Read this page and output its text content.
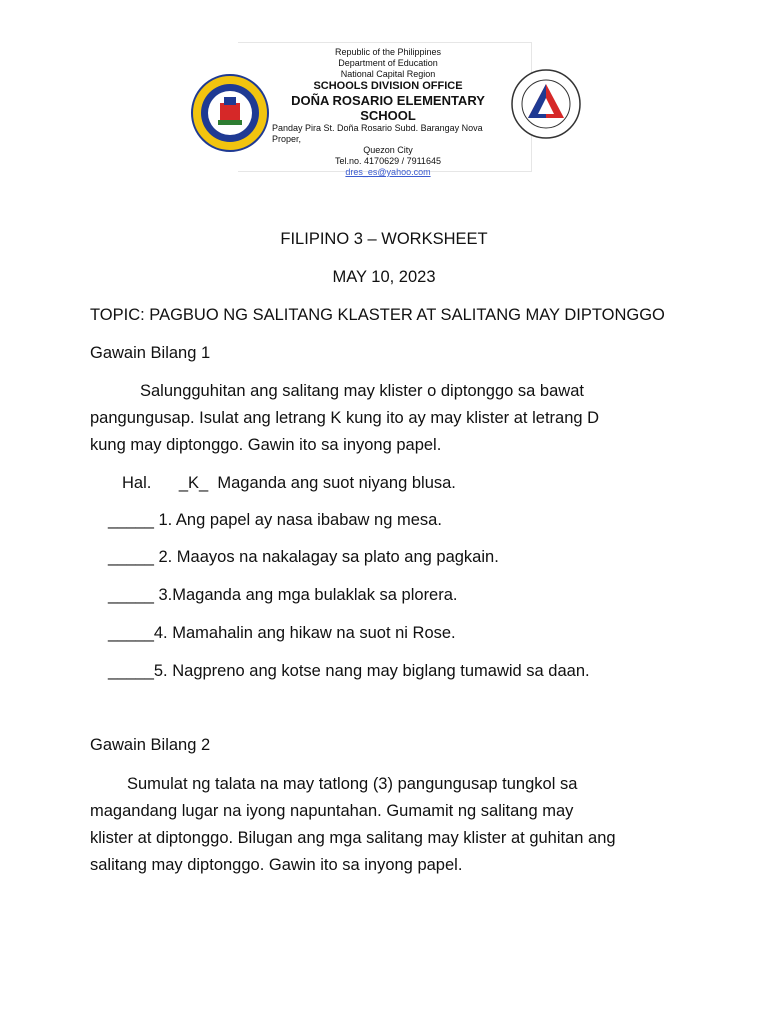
Republic of the Philippines
Department of Education
National Capital Region
SCHOOLS DIVISION OFFICE
DOÑA ROSARIO ELEMENTARY SCHOOL
Panday Pira St. Doña Rosario Subd. Barangay Nova Proper,
Quezon City
Tel.no. 4170629 / 7911645
dres_es@yahoo.com
FILIPINO 3 – WORKSHEET
MAY 10, 2023
TOPIC: PAGBUO NG SALITANG KLASTER AT SALITANG MAY DIPTONGGO
Gawain Bilang 1
Salungguhitan ang salitang may klister o diptonggo sa bawat
pangungusap. Isulat ang letrang K kung ito ay may klister at letrang D
kung may diptonggo. Gawin ito sa inyong papel.
Hal.      _K_  Maganda ang suot niyang blusa.
_____ 1. Ang papel ay nasa ibabaw ng mesa.
_____ 2. Maayos na nakalagay sa plato ang pagkain.
_____ 3.Maganda ang mga bulaklak sa plorera.
_____4. Mamahalin ang hikaw na suot ni Rose.
_____5. Nagpreno ang kotse nang may biglang tumawid sa daan.
Gawain Bilang 2
Sumulat ng talata na may tatlong (3) pangungusap tungkol sa
magandang lugar na iyong napuntahan. Gumamit ng salitang may
klister at diptonggo. Bilugan ang mga salitang may klister at guhitan ang
salitang may diptonggo. Gawin ito sa inyong papel.
